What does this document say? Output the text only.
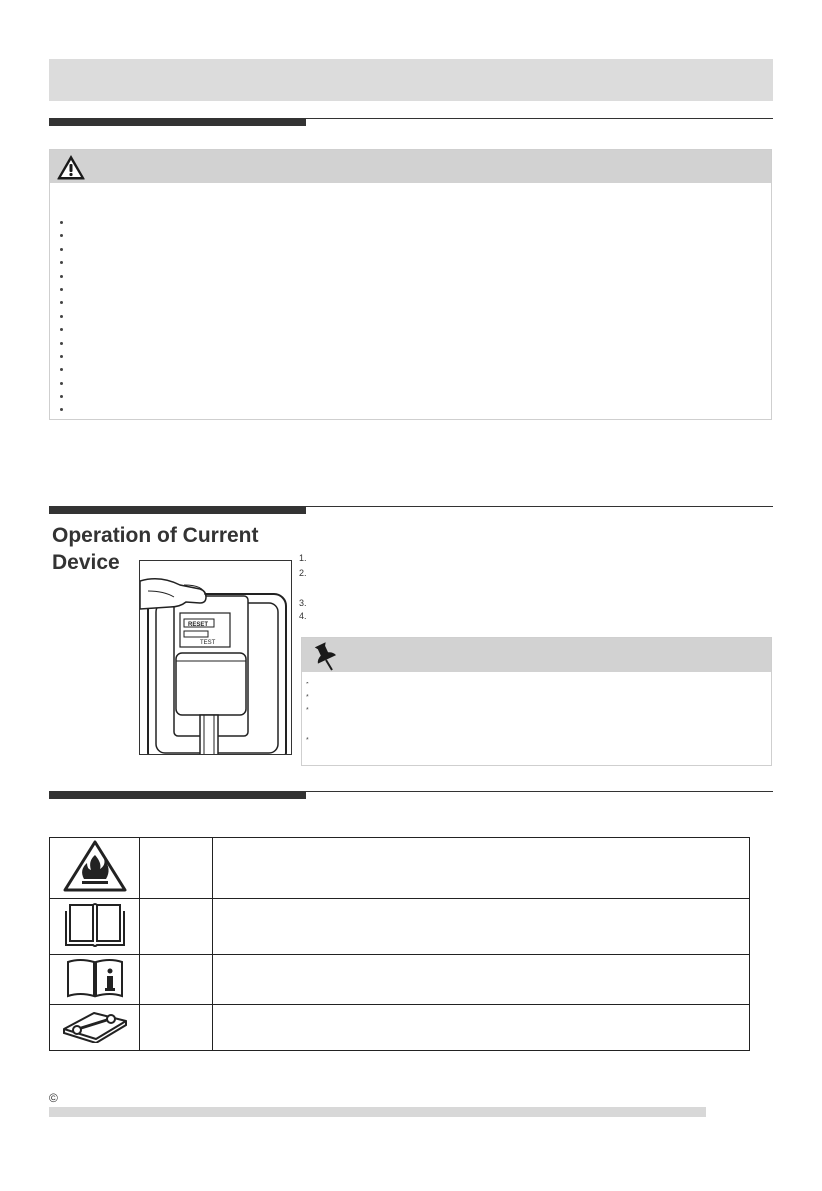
Operation of Current Device
RESET
TEST
1.
2.
3.
4.
*
*
*
*

©
